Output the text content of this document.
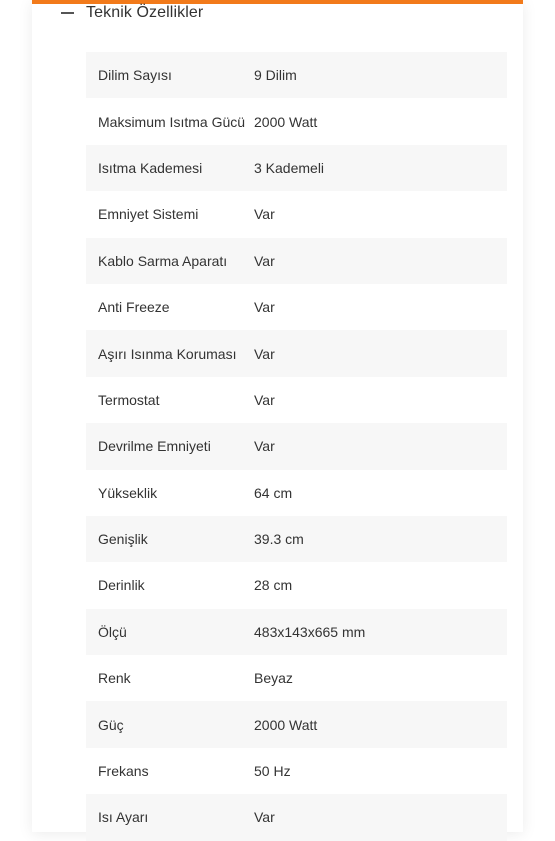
Teknik Özellikler
Dilim Sayısı	9 Dilim
Maksimum Isıtma Gücü 2000 Watt
Isıtma Kademesi	3 Kademeli
Emniyet Sistemi	Var
Kablo Sarma Aparatı	Var
Anti Freeze	Var
Aşırı Isınma Koruması	Var
Termostat	Var
Devrilme Emniyeti	Var
Yükseklik	64 cm
Genişlik	39.3 cm
Derinlik	28 cm
Ölçü	483x143x665 mm
Renk	Beyaz
Güç	2000 Watt
Frekans	50 Hz
Isı Ayarı	Var
